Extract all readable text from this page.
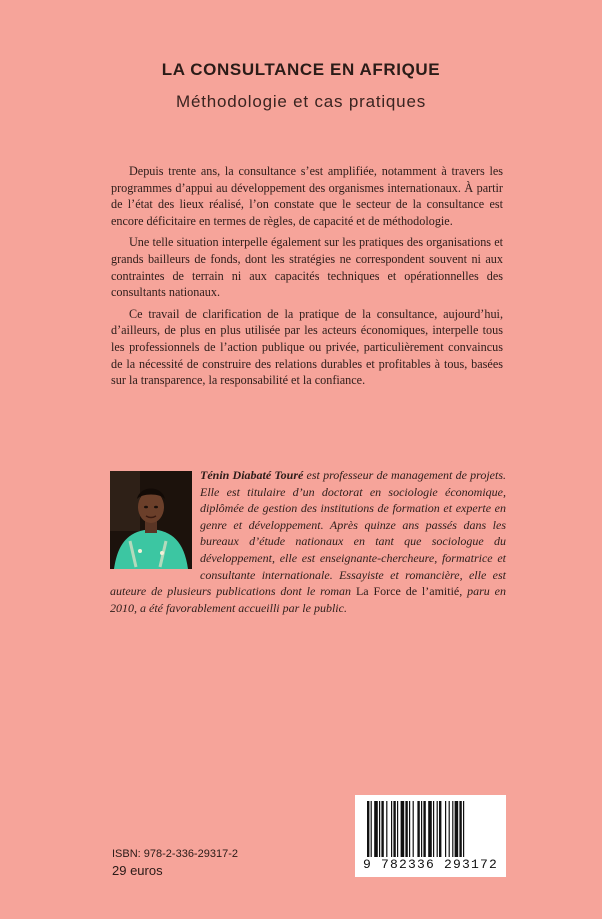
LA CONSULTANCE EN AFRIQUE
Méthodologie et cas pratiques

Depuis trente ans, la consultance s’est amplifiée, notamment à travers les programmes d’appui au développement des organismes internationaux. À partir de l’état des lieux réalisé, l’on constate que le secteur de la consultance est encore déficitaire en termes de règles, de capacité et de méthodologie.

Une telle situation interpelle également sur les pratiques des organisations et grands bailleurs de fonds, dont les stratégies ne correspondent souvent ni aux contraintes de terrain ni aux capacités techniques et opérationnelles des consultants nationaux.

Ce travail de clarification de la pratique de la consultance, aujourd’hui, d’ailleurs, de plus en plus utilisée par les acteurs économiques, interpelle tous les professionnels de l’action publique ou privée, particulièrement convaincus de la nécessité de construire des relations durables et profitables à tous, basées sur la transparence, la responsabilité et la confiance.

Ténin Diabaté Touré est professeur de management de projets. Elle est titulaire d’un doctorat en sociologie économique, diplômée de gestion des institutions de formation et experte en genre et développement. Après quinze ans passés dans les bureaux d’étude nationaux en tant que sociologue du développement, elle est enseignante-chercheure, formatrice et consultante internationale. Essayiste et romancière, elle est auteure de plusieurs publications dont le roman La Force de l’amitié, paru en 2010, a été favorablement accueilli par le public.
ISBN: 978-2-336-29317-2
29 euros	9 782336 293172
